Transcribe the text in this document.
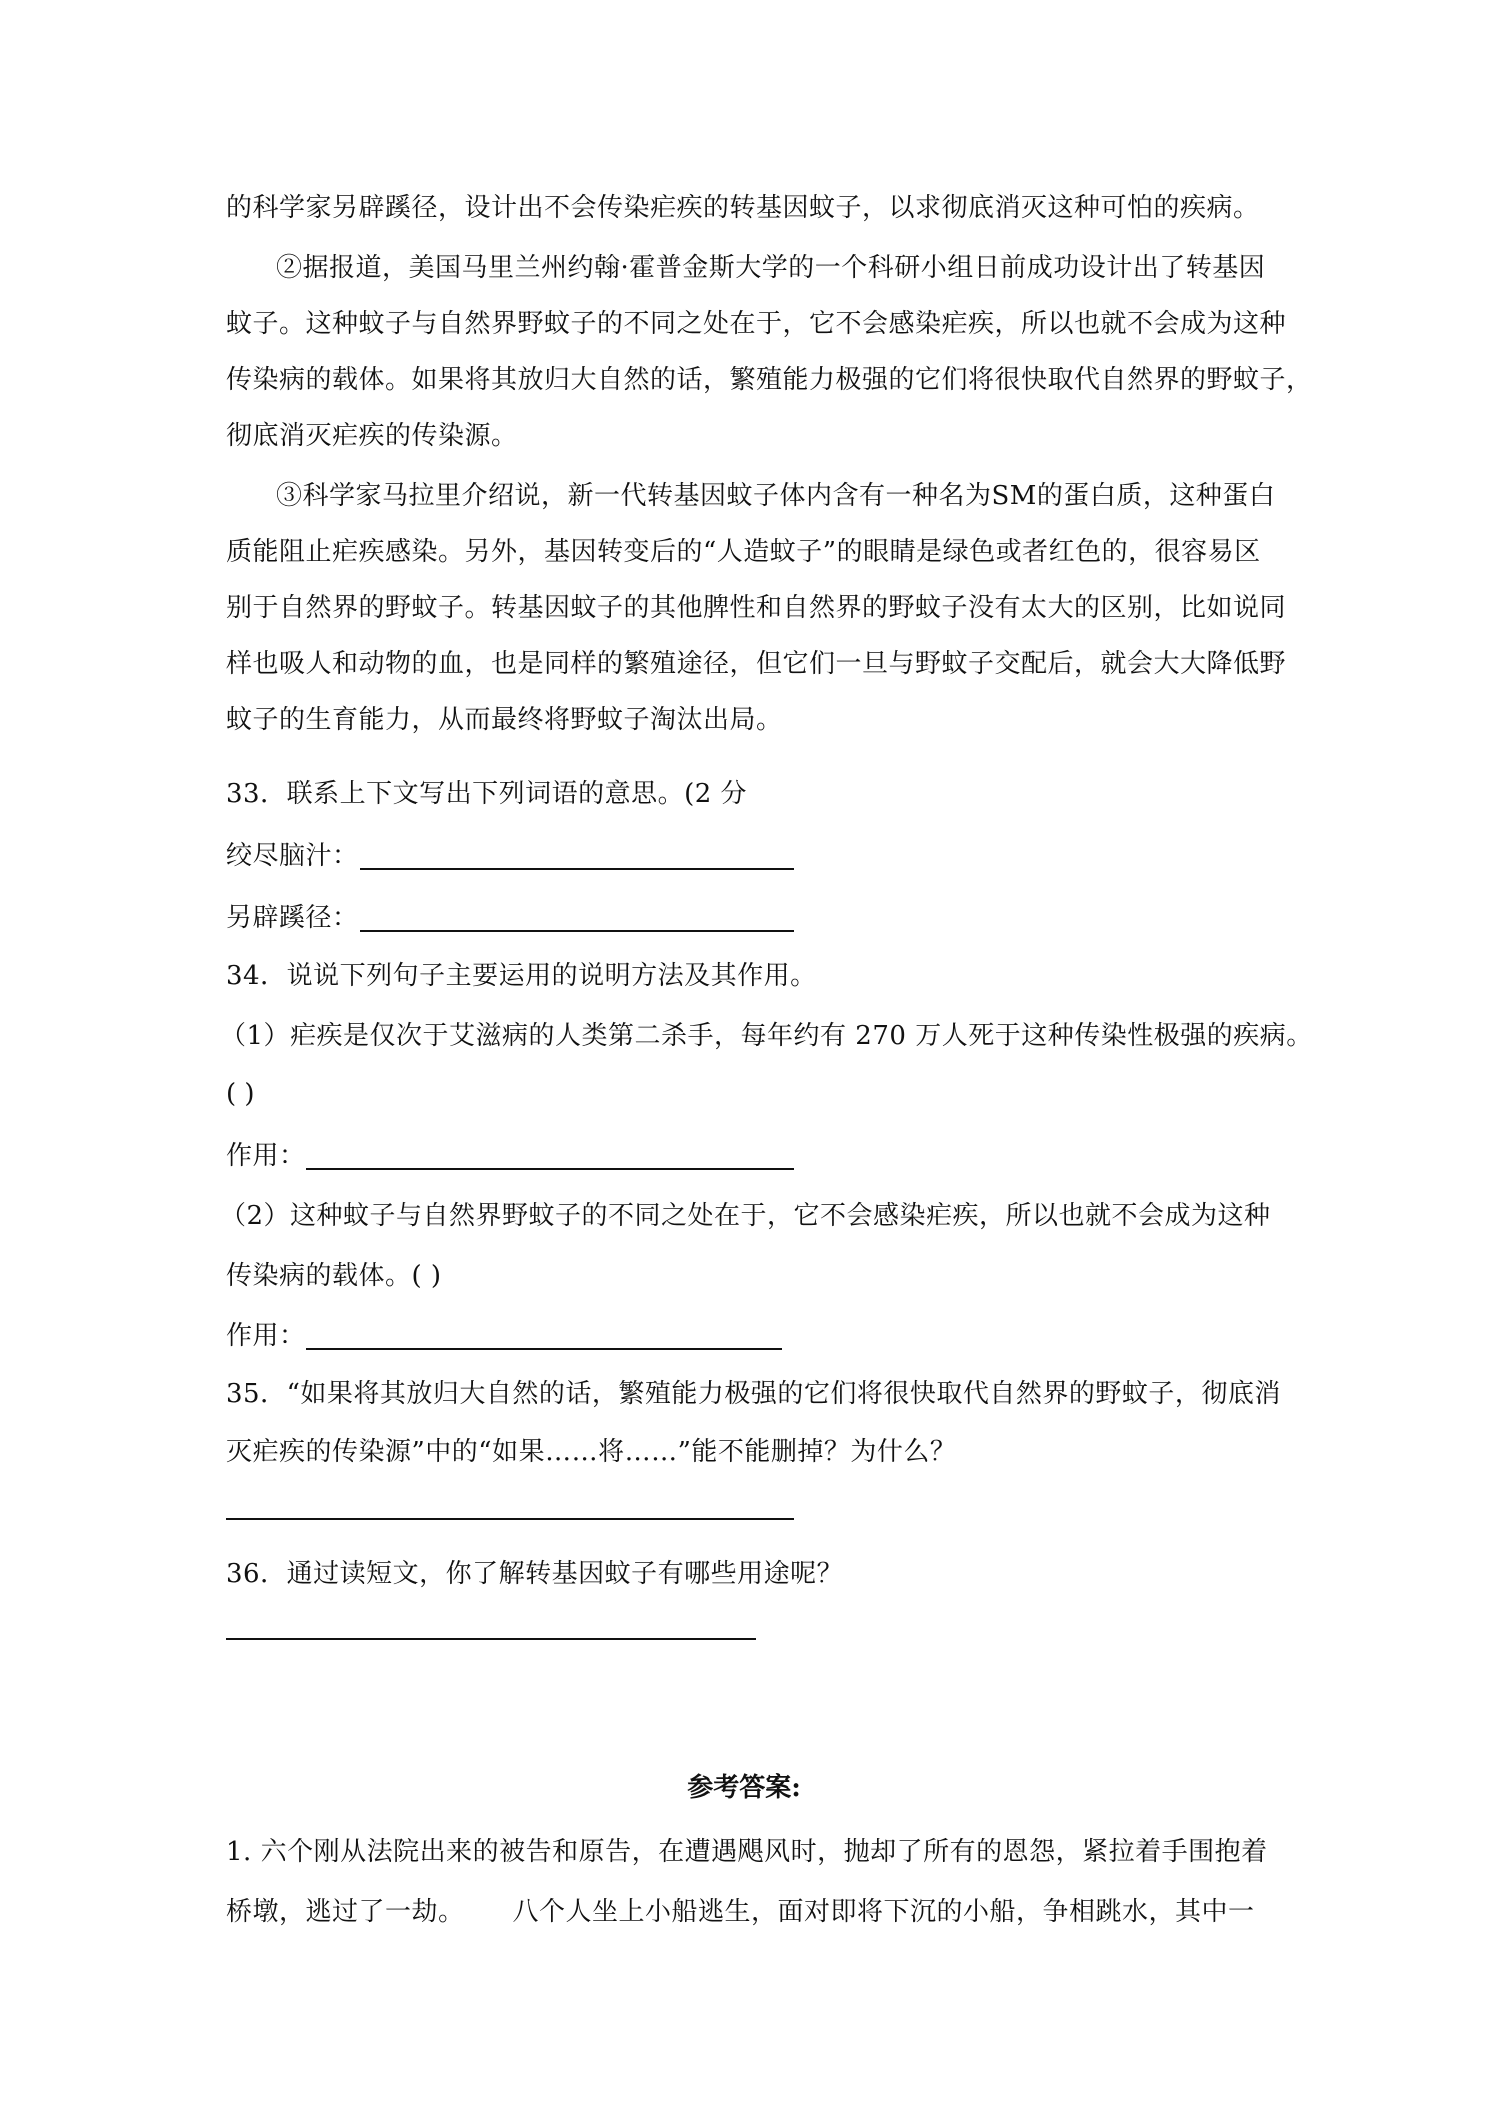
的科学家另辟蹊径，设计出不会传染疟疾的转基因蚊子，以求彻底消灭这种可怕的疾病。
②据报道，美国马里兰州约翰·霍普金斯大学的一个科研小组日前成功设计出了转基因
蚊子。这种蚊子与自然界野蚊子的不同之处在于，它不会感染疟疾，所以也就不会成为这种
传染病的载体。如果将其放归大自然的话，繁殖能力极强的它们将很快取代自然界的野蚊子，
彻底消灭疟疾的传染源。
③科学家马拉里介绍说，新一代转基因蚊子体内含有一种名为SM的蛋白质，这种蛋白
质能阻止疟疾感染。另外，基因转变后的“人造蚊子”的眼睛是绿色或者红色的，很容易区
别于自然界的野蚊子。转基因蚊子的其他脾性和自然界的野蚊子没有太大的区别，比如说同
样也吸人和动物的血，也是同样的繁殖途径，但它们一旦与野蚊子交配后，就会大大降低野
蚊子的生育能力，从而最终将野蚊子淘汰出局。
33．联系上下文写出下列词语的意思。(2 分
绞尽脑汁：
另辟蹊径：
34．说说下列句子主要运用的说明方法及其作用。
（1）疟疾是仅次于艾滋病的人类第二杀手，每年约有 270 万人死于这种传染性极强的疾病。
( )
作用：
（2）这种蚊子与自然界野蚊子的不同之处在于，它不会感染疟疾，所以也就不会成为这种
传染病的载体。( )
作用：
35．“如果将其放归大自然的话，繁殖能力极强的它们将很快取代自然界的野蚊子，彻底消
灭疟疾的传染源”中的“如果……将……”能不能删掉？为什么？
36．通过读短文，你了解转基因蚊子有哪些用途呢？
参考答案:
1. 六个刚从法院出来的被告和原告，在遭遇飓风时，抛却了所有的恩怨，紧拉着手围抱着
桥墩，逃过了一劫。 八个人坐上小船逃生，面对即将下沉的小船，争相跳水，其中一
